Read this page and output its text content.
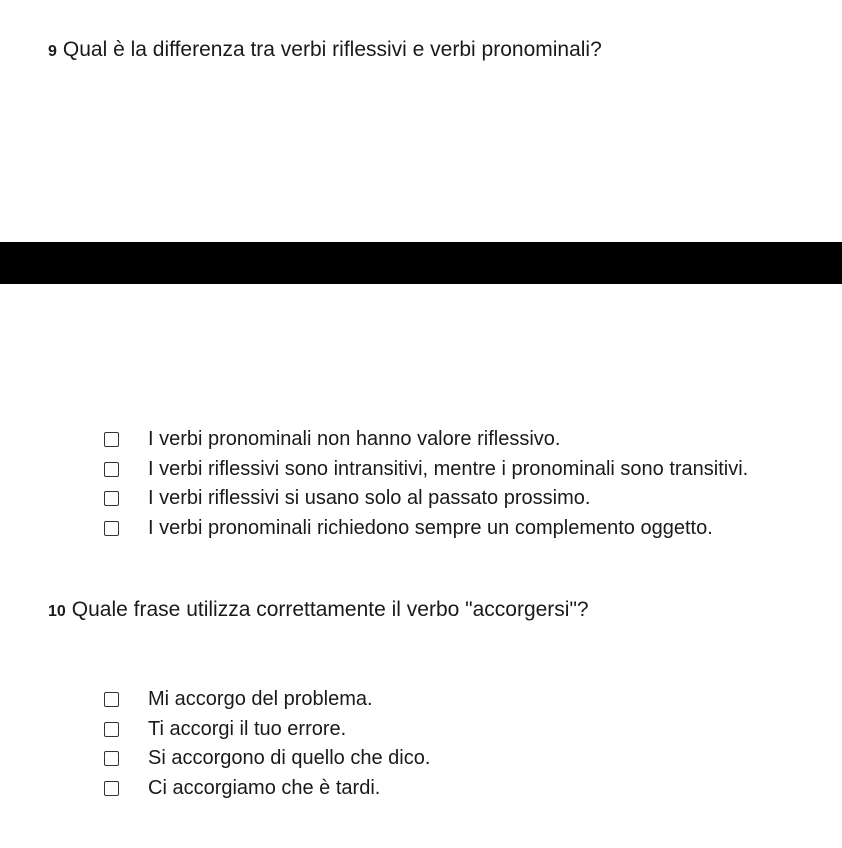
9 Qual è la differenza tra verbi riflessivi e verbi pronominali?
I verbi pronominali non hanno valore riflessivo.
I verbi riflessivi sono intransitivi, mentre i pronominali sono transitivi.
I verbi riflessivi si usano solo al passato prossimo.
I verbi pronominali richiedono sempre un complemento oggetto.
10 Quale frase utilizza correttamente il verbo "accorgersi"?
Mi accorgo del problema.
Ti accorgi il tuo errore.
Si accorgono di quello che dico.
Ci accorgiamo che è tardi.
